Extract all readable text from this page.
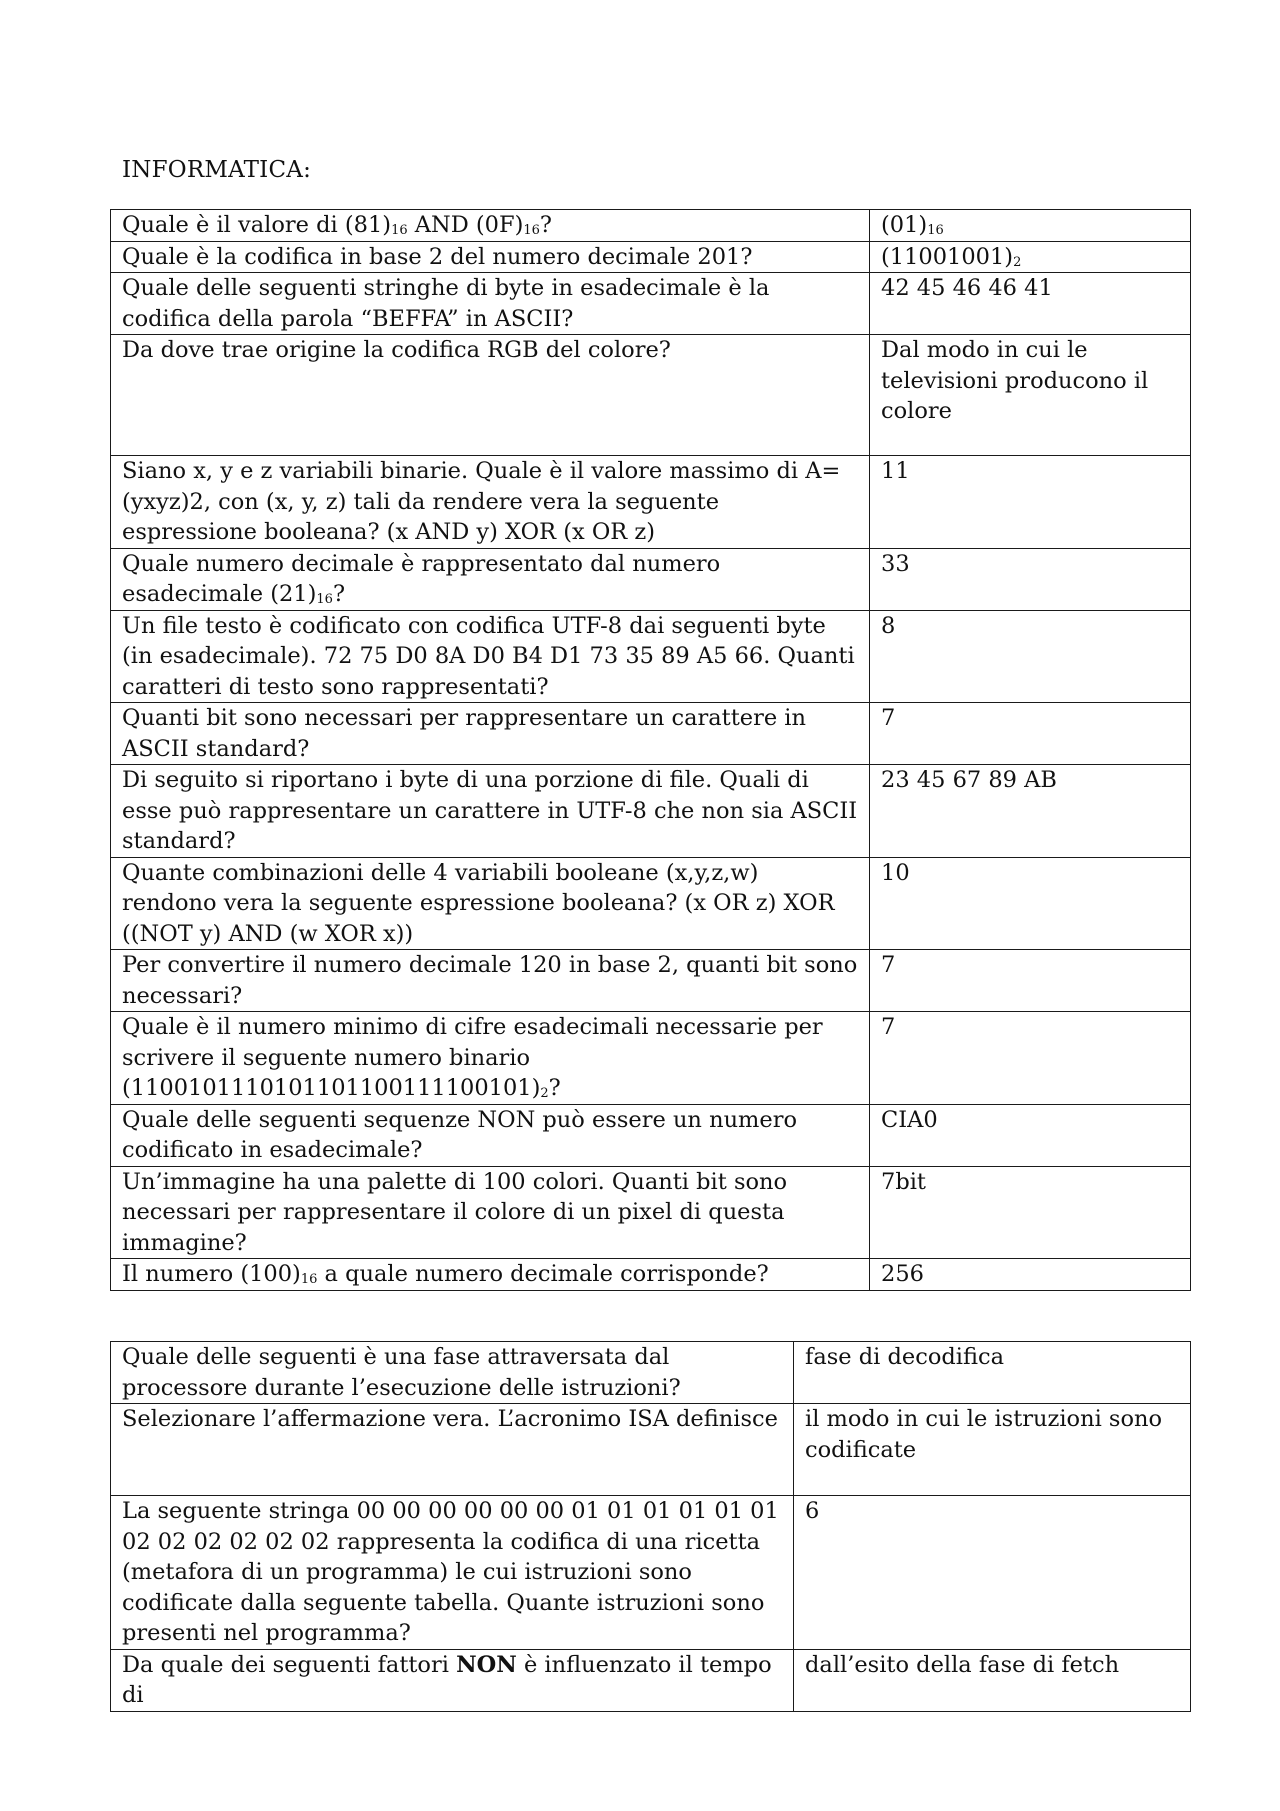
INFORMATICA:
Quale è il valore di $(81)_{16}$ AND $(0F)_{16}$?	$(01)_{16}$
Quale è la codifica in base 2 del numero decimale 201?	$(11001001)_2$
Quale delle seguenti stringhe di byte in esadecimale è la codifica della parola “BEFFA” in ASCII?	42 45 46 46 41
Da dove trae origine la codifica RGB del colore?	Dal modo in cui le televisioni producono il colore
Siano x, y e z variabili binarie. Quale è il valore massimo di A=(yxyz)2, con (x, y, z) tali da rendere vera la seguente espressione booleana? (x AND y) XOR (x OR z)	11
Quale numero decimale è rappresentato dal numero esadecimale $(21)_{16}$?	33
Un file testo è codificato con codifica UTF-8 dai seguenti byte (in esadecimale). 72 75 D0 8A D0 B4 D1 73 35 89 A5 66. Quanti caratteri di testo sono rappresentati?	8
Quanti bit sono necessari per rappresentare un carattere in ASCII standard?	7
Di seguito si riportano i byte di una porzione di file. Quali di esse può rappresentare un carattere in UTF-8 che non sia ASCII standard?	23 45 67 89 AB
Quante combinazioni delle 4 variabili booleane (x,y,z,w) rendono vera la seguente espressione booleana? (x OR z) XOR ((NOT y) AND (w XOR x))	10
Per convertire il numero decimale 120 in base 2, quanti bit sono necessari?	7
Quale è il numero minimo di cifre esadecimali necessarie per scrivere il seguente numero binario $(1100101110101101100111100101)_2$?	7
Quale delle seguenti sequenze NON può essere un numero codificato in esadecimale?	CIA0
Un’immagine ha una palette di 100 colori. Quanti bit sono necessari per rappresentare il colore di un pixel di questa immagine?	7bit
Il numero $(100)_{16}$ a quale numero decimale corrisponde?	256
Quale delle seguenti è una fase attraversata dal processore durante l’esecuzione delle istruzioni?	fase di decodifica
Selezionare l’affermazione vera. L’acronimo ISA definisce	il modo in cui le istruzioni sono codificate
La seguente stringa 00 00 00 00 00 00 01 01 01 01 01 01 02 02 02 02 02 02 rappresenta la codifica di una ricetta (metafora di un programma) le cui istruzioni sono codificate dalla seguente tabella. Quante istruzioni sono presenti nel programma?	6
Da quale dei seguenti fattori NON è influenzato il tempo di	dall’esito della fase di fetch
